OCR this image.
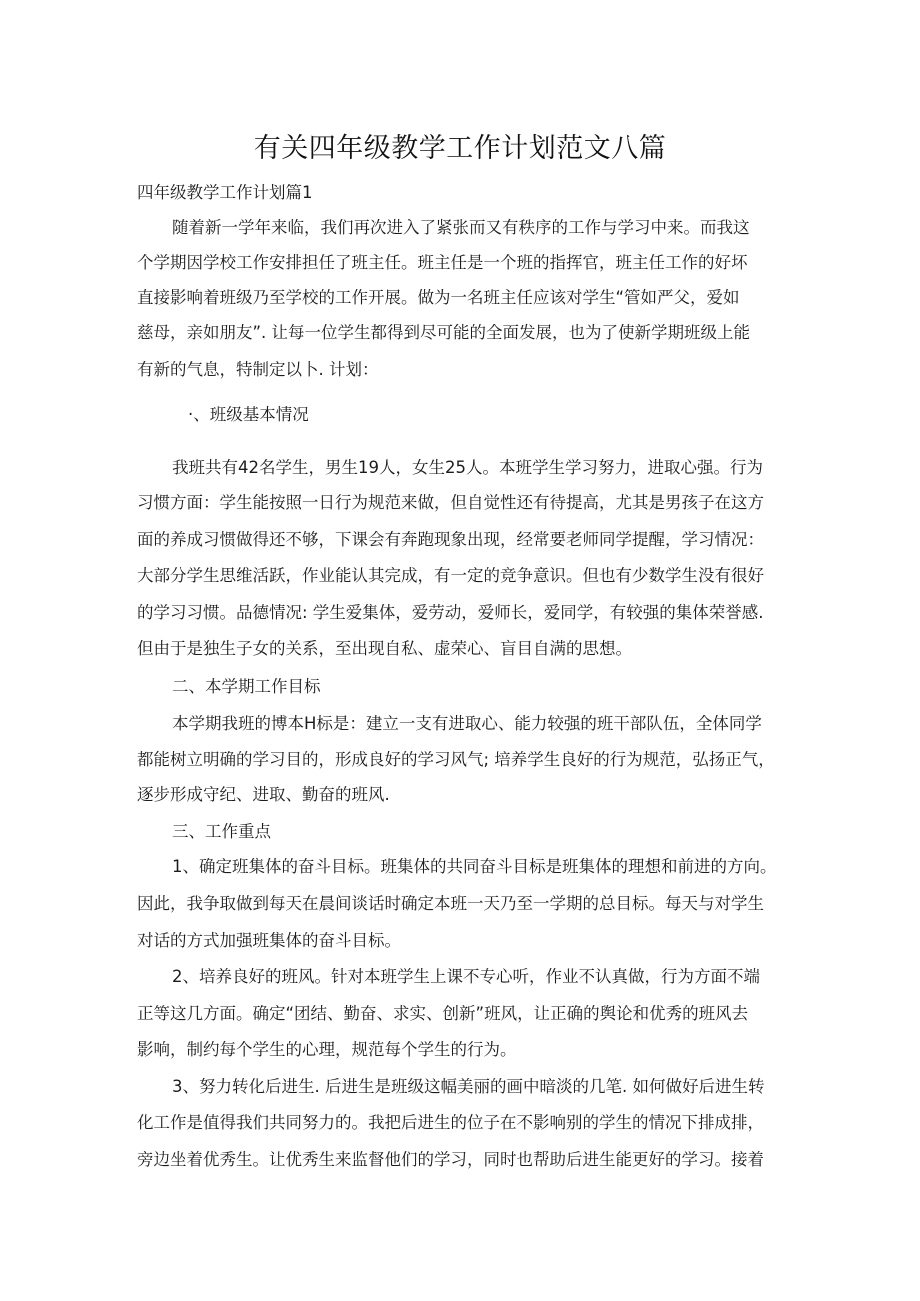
有关四年级教学工作计划范文八篇
四年级教学工作计划篇1
随着新一学年来临，我们再次进入了紧张而又有秩序的工作与学习中来。而我这
个学期因学校工作安排担任了班主任。班主任是一个班的指挥官，班主任工作的好坏
直接影响着班级乃至学校的工作开展。做为一名班主任应该对学生“管如严父，爱如
慈母，亲如朋友”. 让每一位学生都得到尽可能的全面发展，也为了使新学期班级上能
有新的气息，特制定以卜. 计划：
·、班级基本情况
我班共有42名学生，男生19人，女生25人。本班学生学习努力，进取心强。行为
习惯方面：学生能按照一日行为规范来做，但自觉性还有待提高，尤其是男孩子在这方
面的养成习惯做得还不够，下课会有奔跑现象出现，经常要老师同学提醒，学习情况：
大部分学生思维活跃，作业能认其完成，有一定的竞争意识。但也有少数学生没有很好
的学习习惯。品德情况: 学生爱集体，爱劳动，爱师长，爱同学，有较强的集体荣誉感.
但由于是独生子女的关系，至出现自私、虚荣心、盲目自满的思想。
二、本学期工作目标
本学期我班的博本H标是：建立一支有进取心、能力较强的班干部队伍，全体同学
都能树立明确的学习目的，形成良好的学习风气; 培养学生良好的行为规范，弘扬正气，
逐步形成守纪、进取、勤奋的班风.
三、工作重点
1、确定班集体的奋斗目标。班集体的共同奋斗目标是班集体的理想和前进的方向。
因此，我争取做到每天在晨间谈话时确定本班一天乃至一学期的总目标。每天与对学生
对话的方式加强班集体的奋斗目标。
2、培养良好的班风。针对本班学生上课不专心听，作业不认真做，行为方面不端
正等这几方面。确定“团结、勤奋、求实、创新”班风，让正确的舆论和优秀的班风去
影响，制约每个学生的心理，规范每个学生的行为。
3、努力转化后进生. 后进生是班级这幅美丽的画中暗淡的几笔. 如何做好后进生转
化工作是值得我们共同努力的。我把后进生的位子在不影响别的学生的情况下排成排，
旁边坐着优秀生。让优秀生来监督他们的学习，同时也帮助后进生能更好的学习。接着
